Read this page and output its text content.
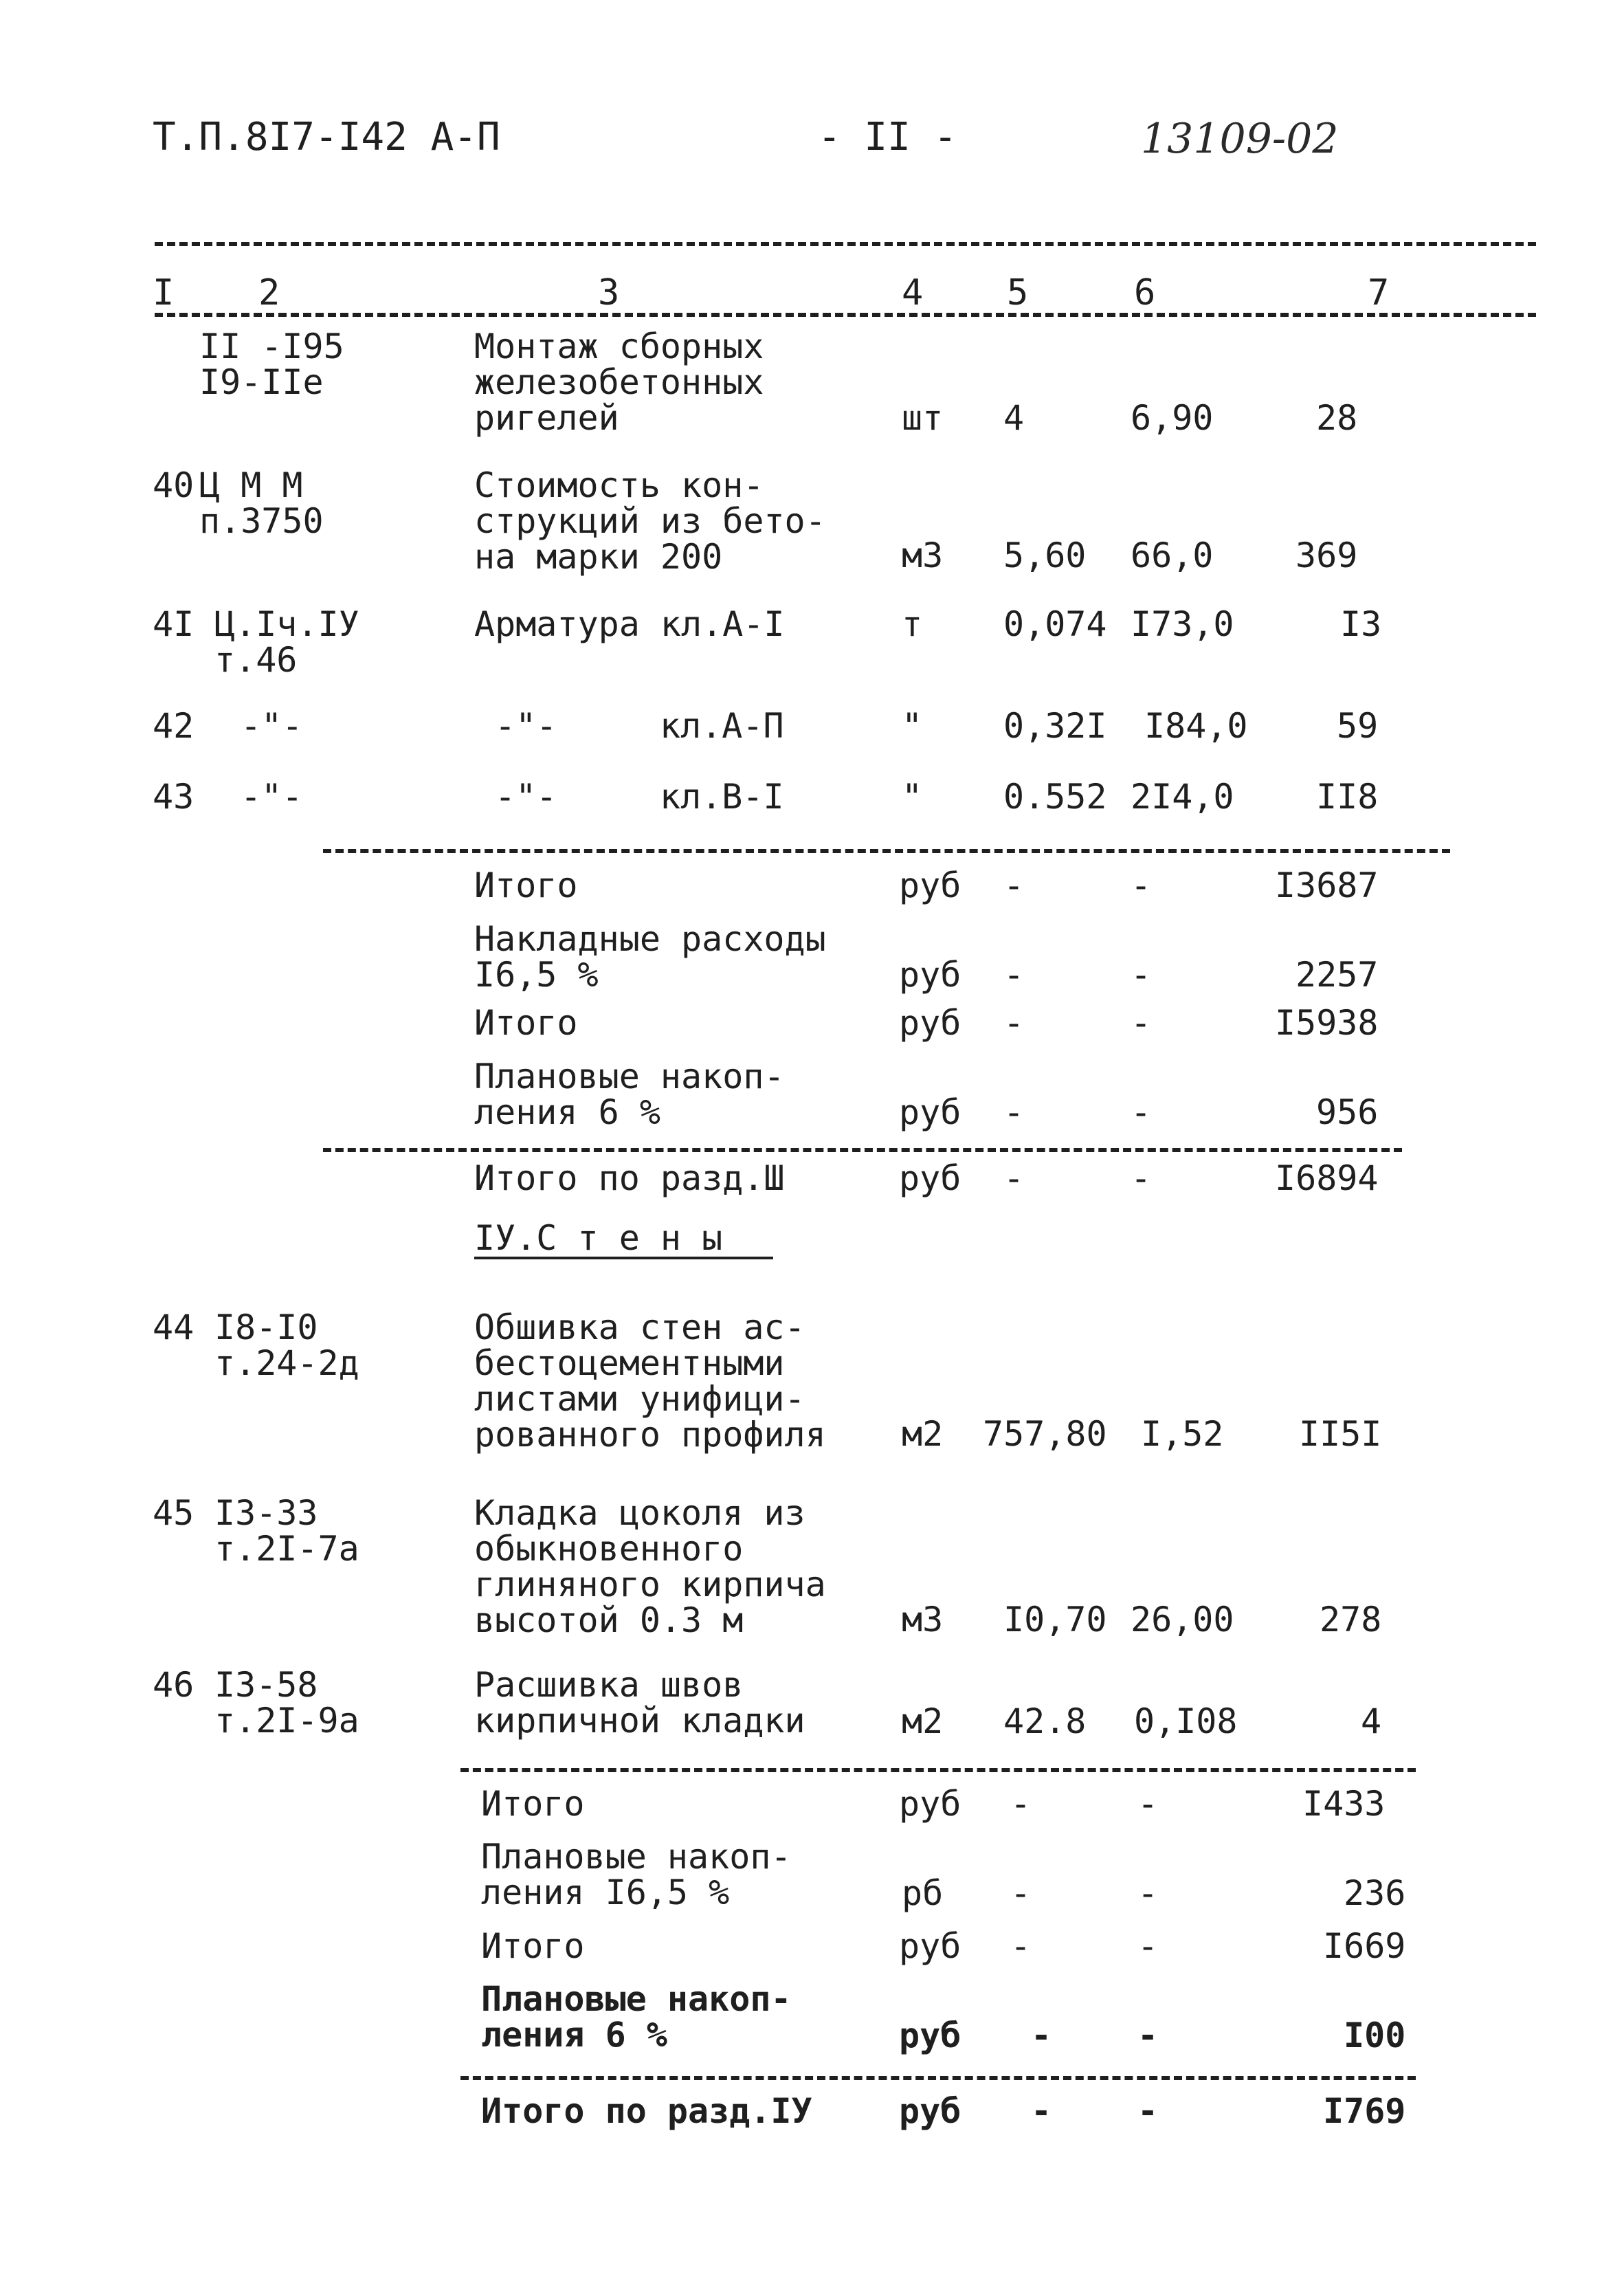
Т.П.8I7-I42 А-П	- II -	13109-02
I 2	3	4 5	6	7
II -I95
I9-IIe
Монтаж сборных
железобетонных
ригелей	шт 4	6,90	28
40 Ц М М
п.3750
Стоимость кон-
струкций из бето-
на марки 200	м3 5,60 66,0 369
4I Ц.Iч.IУ
т.46
Арматура кл.А-I	т 0,074 I73,0	I3
42 -"-	-"-	кл.А-П	" 0,32I I84,0	59
43 -"-	-"-	кл.В-I	" 0.552 2I4,0 II8
Итого	руб -	-	I3687
Накладные расходы
I6,5 %	руб -	-	2257
Итого	руб -	-	I5938
Плановые накоп-
ления 6 %	руб -	-	956
Итого по разд.Ш	руб -	-	I6894
IУ.С т е н ы
44 I8-I0
т.24-2д
Обшивка стен ас-
бестоцементными
листами унифици-
рованного профиля м2 757,80 I,52 II5I
45 I3-33
т.2I-7а
Кладка цоколя из
обыкновенного
глиняного кирпича
высотой 0.3 м	м3 I0,70 26,00 278
46 I3-58
т.2I-9а
Расшивка швов
кирпичной кладки	м2 42.8 0,I08	4
Итого	руб -	-	I433
Плановые накоп-
ления I6,5 %	рб -	-	236
Итого	руб -	-	I669
Плановые накоп-
ления 6 %	руб - -	I00
Итого по разд.IУ	руб - -	I769
